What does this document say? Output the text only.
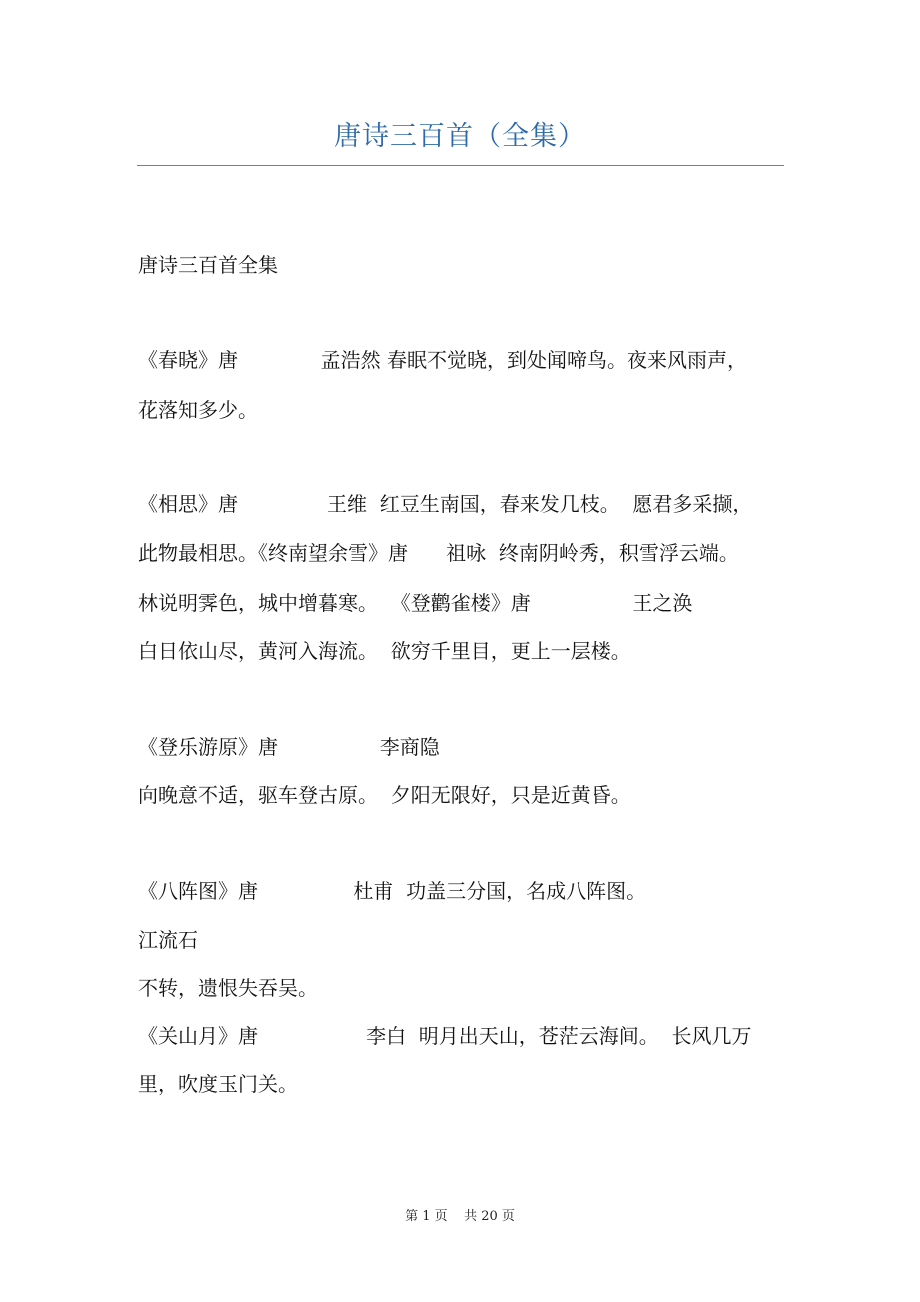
唐诗三百首（全集）
唐诗三百首全集
《春晓》唐             孟浩然 春眠不觉晓，到处闻啼鸟。夜来风雨声，
花落知多少。
《相思》唐              王维  红豆生南国，春来发几枝。  愿君多采撷，
此物最相思。《终南望余雪》唐      祖咏  终南阴岭秀，积雪浮云端。
林说明霁色，城中增暮寒。  《登鹳雀楼》唐                王之涣
白日依山尽，黄河入海流。  欲穷千里目，更上一层楼。
《登乐游原》唐                李商隐
向晚意不适，驱车登古原。  夕阳无限好，只是近黄昏。
《八阵图》唐               杜甫  功盖三分国，名成八阵图。
江流石
不转，遗恨失吞吴。
《关山月》唐                 李白  明月出天山，苍茫云海间。  长风几万
里，吹度玉门关。
第 1 页    共 20 页
